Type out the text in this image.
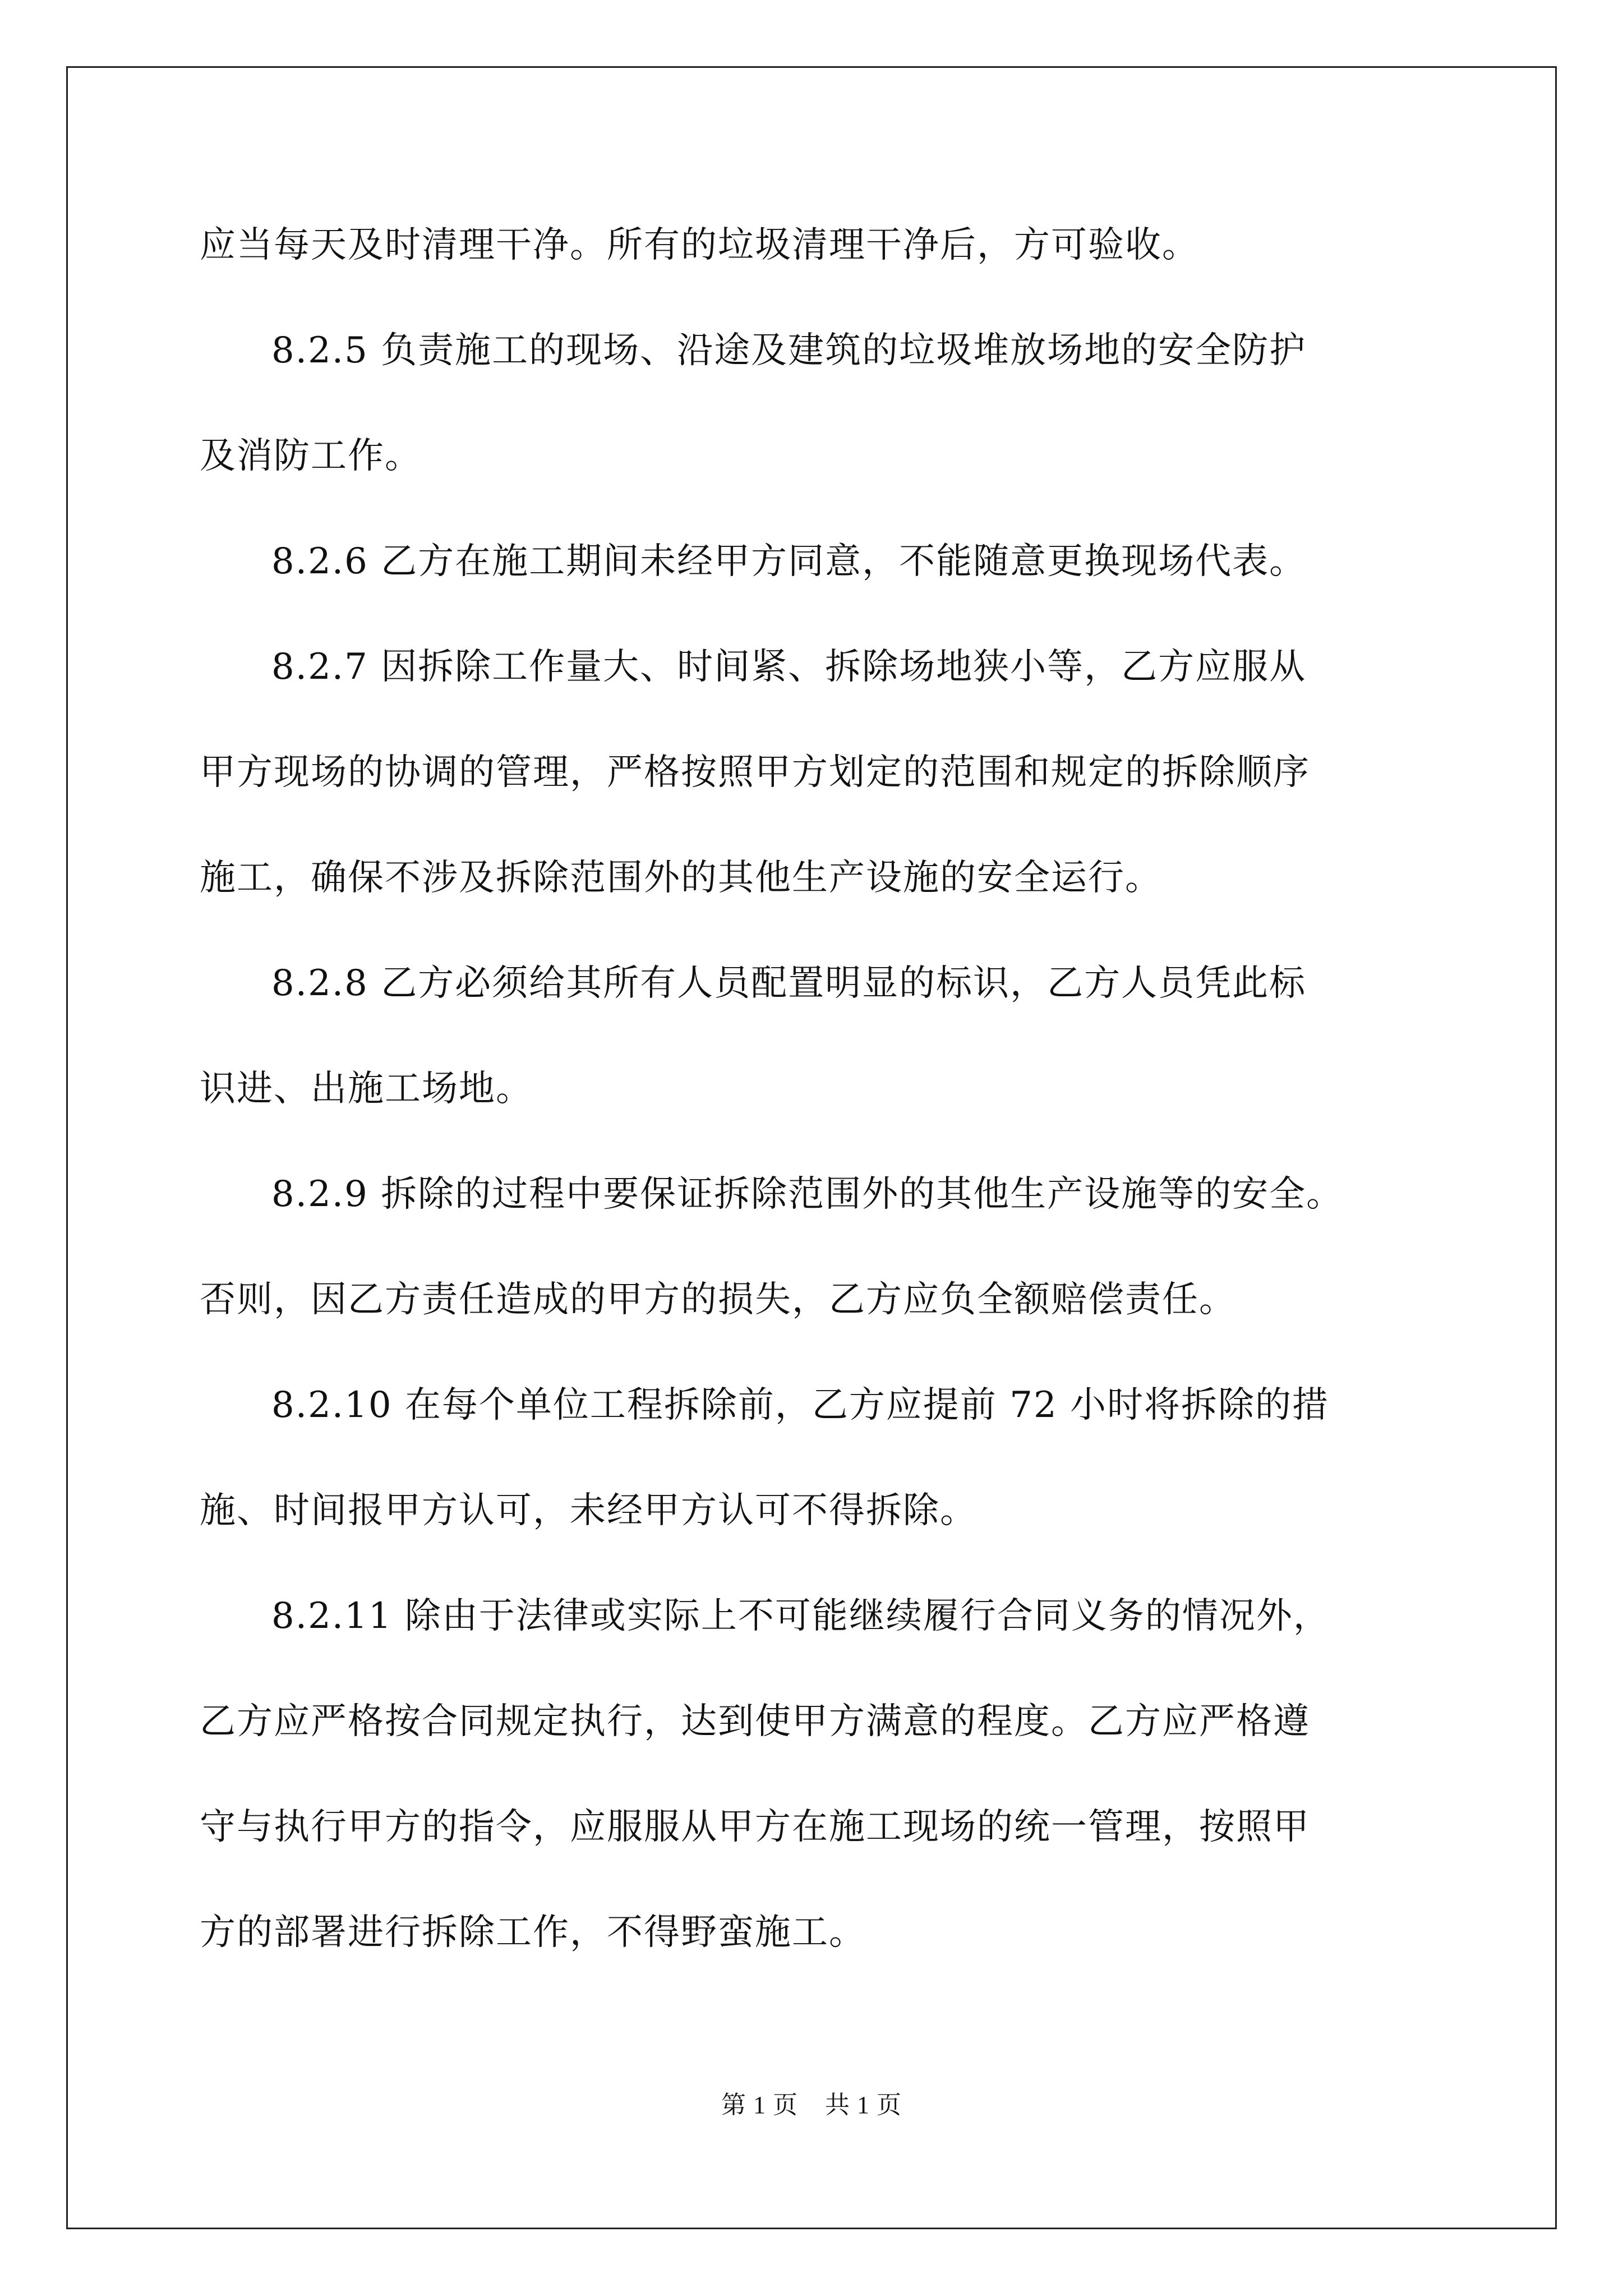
应当每天及时清理干净。所有的垃圾清理干净后，方可验收。
8.2.5 负责施工的现场、沿途及建筑的垃圾堆放场地的安全防护
及消防工作。
8.2.6 乙方在施工期间未经甲方同意，不能随意更换现场代表。
8.2.7 因拆除工作量大、时间紧、拆除场地狭小等，乙方应服从
甲方现场的协调的管理，严格按照甲方划定的范围和规定的拆除顺序
施工，确保不涉及拆除范围外的其他生产设施的安全运行。
8.2.8 乙方必须给其所有人员配置明显的标识，乙方人员凭此标
识进、出施工场地。
8.2.9 拆除的过程中要保证拆除范围外的其他生产设施等的安全。
否则，因乙方责任造成的甲方的损失，乙方应负全额赔偿责任。
8.2.10 在每个单位工程拆除前，乙方应提前 72 小时将拆除的措
施、时间报甲方认可，未经甲方认可不得拆除。
8.2.11 除由于法律或实际上不可能继续履行合同义务的情况外，
乙方应严格按合同规定执行，达到使甲方满意的程度。乙方应严格遵
守与执行甲方的指令，应服服从甲方在施工现场的统一管理，按照甲
方的部署进行拆除工作，不得野蛮施工。
第 1 页 共 1 页
